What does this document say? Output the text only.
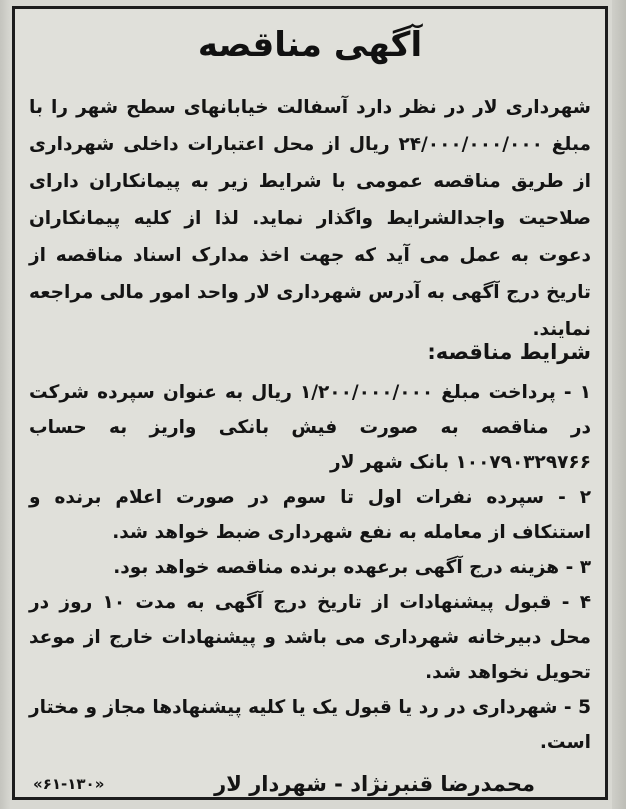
آگهی مناقصه
شهرداری لار در نظر دارد آسفالت خیابانهای سطح شهر را با مبلغ ۲۴/۰۰۰/۰۰۰/۰۰۰ ریال از محل اعتبارات داخلی شهرداری از طریق مناقصه عمومی با شرایط زیر به پیمانکاران دارای صلاحیت واجدالشرایط واگذار نماید. لذا از کلیه پیمانکاران دعوت به عمل می آید که جهت اخذ مدارک اسناد مناقصه از تاریخ درج آگهی به آدرس شهرداری لار واحد امور مالی مراجعه نمایند.
شرایط مناقصه:

۱ - پرداخت مبلغ ۱/۲۰۰/۰۰۰/۰۰۰ ریال به عنوان سپرده شرکت در مناقصه به صورت فیش بانکی واریز به حساب ۱۰۰۷۹۰۳۲۹۷۶۶ بانک شهر لار

۲ - سپرده نفرات اول تا سوم در صورت اعلام برنده و استنکاف از معامله به نفع شهرداری ضبط خواهد شد.

۳ - هزینه درج آگهی برعهده برنده مناقصه خواهد بود.

۴ - قبول پیشنهادات از تاریخ درج آگهی به مدت ۱۰ روز در محل دبیرخانه شهرداری می باشد و پیشنهادات خارج از موعد تحویل نخواهد شد.

5 - شهرداری در رد یا قبول یک یا کلیه پیشنهادها مجاز و مختار است.

محمدرضا قنبرنژاد - شهردار لار
«۶۱-۱۳۰»
